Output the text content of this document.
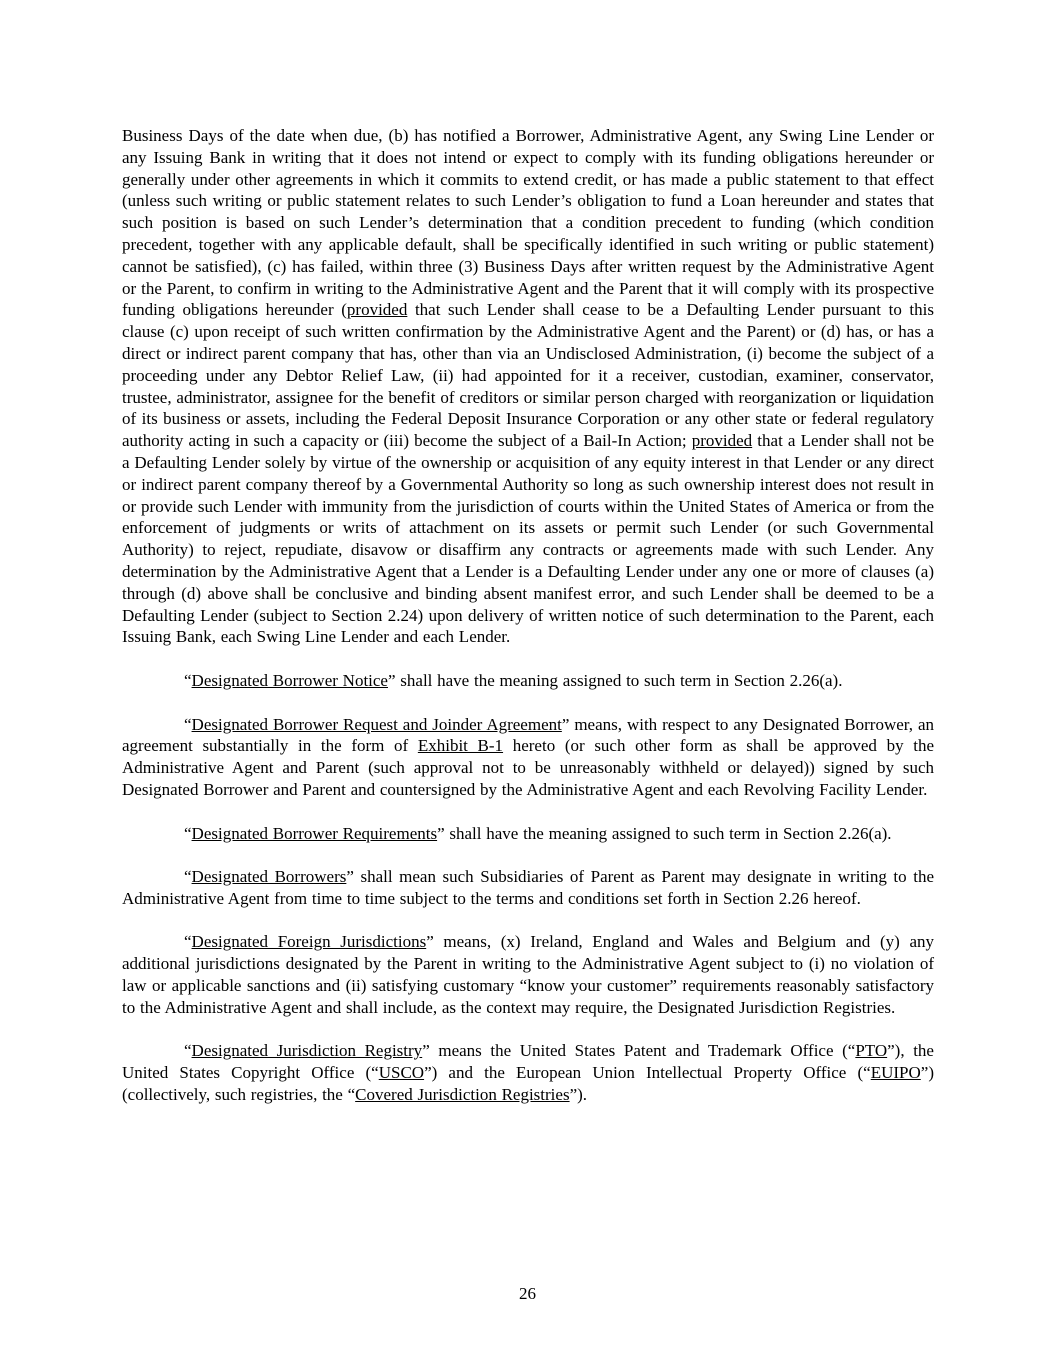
Business Days of the date when due, (b) has notified a Borrower, Administrative Agent, any Swing Line Lender or any Issuing Bank in writing that it does not intend or expect to comply with its funding obligations hereunder or generally under other agreements in which it commits to extend credit, or has made a public statement to that effect (unless such writing or public statement relates to such Lender’s obligation to fund a Loan hereunder and states that such position is based on such Lender’s determination that a condition precedent to funding (which condition precedent, together with any applicable default, shall be specifically identified in such writing or public statement) cannot be satisfied), (c) has failed, within three (3) Business Days after written request by the Administrative Agent or the Parent, to confirm in writing to the Administrative Agent and the Parent that it will comply with its prospective funding obligations hereunder (provided that such Lender shall cease to be a Defaulting Lender pursuant to this clause (c) upon receipt of such written confirmation by the Administrative Agent and the Parent) or (d) has, or has a direct or indirect parent company that has, other than via an Undisclosed Administration, (i) become the subject of a proceeding under any Debtor Relief Law, (ii) had appointed for it a receiver, custodian, examiner, conservator, trustee, administrator, assignee for the benefit of creditors or similar person charged with reorganization or liquidation of its business or assets, including the Federal Deposit Insurance Corporation or any other state or federal regulatory authority acting in such a capacity or (iii) become the subject of a Bail-In Action; provided that a Lender shall not be a Defaulting Lender solely by virtue of the ownership or acquisition of any equity interest in that Lender or any direct or indirect parent company thereof by a Governmental Authority so long as such ownership interest does not result in or provide such Lender with immunity from the jurisdiction of courts within the United States of America or from the enforcement of judgments or writs of attachment on its assets or permit such Lender (or such Governmental Authority) to reject, repudiate, disavow or disaffirm any contracts or agreements made with such Lender. Any determination by the Administrative Agent that a Lender is a Defaulting Lender under any one or more of clauses (a) through (d) above shall be conclusive and binding absent manifest error, and such Lender shall be deemed to be a Defaulting Lender (subject to Section 2.24) upon delivery of written notice of such determination to the Parent, each Issuing Bank, each Swing Line Lender and each Lender.

“Designated Borrower Notice” shall have the meaning assigned to such term in Section 2.26(a).

“Designated Borrower Request and Joinder Agreement” means, with respect to any Designated Borrower, an agreement substantially in the form of Exhibit B-1 hereto (or such other form as shall be approved by the Administrative Agent and Parent (such approval not to be unreasonably withheld or delayed)) signed by such Designated Borrower and Parent and countersigned by the Administrative Agent and each Revolving Facility Lender.

“Designated Borrower Requirements” shall have the meaning assigned to such term in Section 2.26(a).

“Designated Borrowers” shall mean such Subsidiaries of Parent as Parent may designate in writing to the Administrative Agent from time to time subject to the terms and conditions set forth in Section 2.26 hereof.

“Designated Foreign Jurisdictions” means, (x) Ireland, England and Wales and Belgium and (y) any additional jurisdictions designated by the Parent in writing to the Administrative Agent subject to (i) no violation of law or applicable sanctions and (ii) satisfying customary “know your customer” requirements reasonably satisfactory to the Administrative Agent and shall include, as the context may require, the Designated Jurisdiction Registries.

“Designated Jurisdiction Registry” means the United States Patent and Trademark Office (“PTO”), the United States Copyright Office (“USCO”) and the European Union Intellectual Property Office (“EUIPO”) (collectively, such registries, the “Covered Jurisdiction Registries”).

26
